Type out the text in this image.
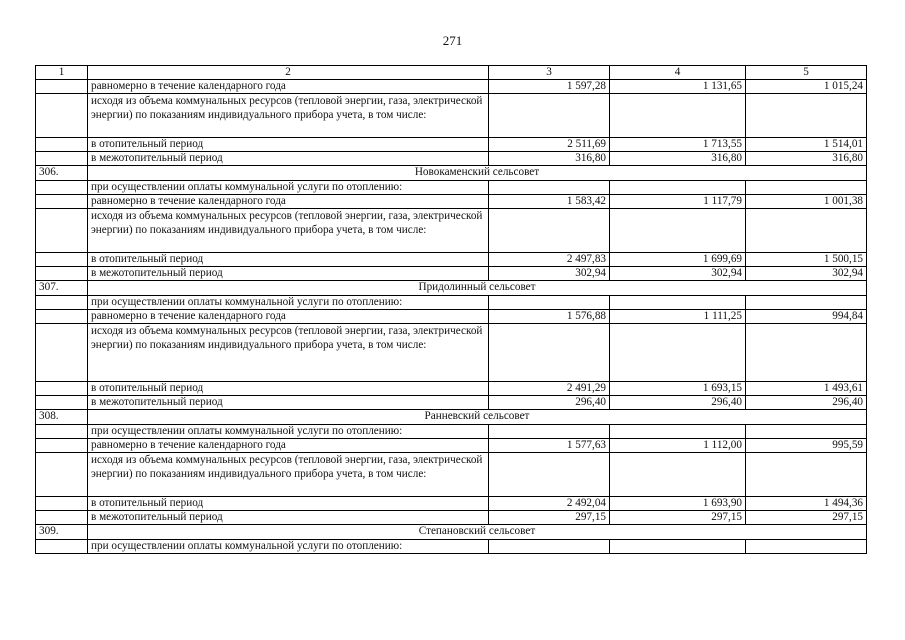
271
1	2	3	4	5
	равномерно в течение календарного года	1 597,28	1 131,65	1 015,24
	исходя из объема коммунальных ресурсов (тепловой энергии, газа, электрической энергии) по показаниям индивидуального прибора учета, в том числе:			
	в отопительный период	2 511,69	1 713,55	1 514,01
	в межотопительный период	316,80	316,80	316,80
306.	Новокаменский сельсовет			
	при осуществлении оплаты коммунальной услуги по отоплению:			
	равномерно в течение календарного года	1 583,42	1 117,79	1 001,38
	исходя из объема коммунальных ресурсов (тепловой энергии, газа, электрической энергии) по показаниям индивидуального прибора учета, в том числе:			
	в отопительный период	2 497,83	1 699,69	1 500,15
	в межотопительный период	302,94	302,94	302,94
307.	Придолинный сельсовет			
	при осуществлении оплаты коммунальной услуги по отоплению:			
	равномерно в течение календарного года	1 576,88	1 111,25	994,84
	исходя из объема коммунальных ресурсов (тепловой энергии, газа, электрической энергии) по показаниям индивидуального прибора учета, в том числе:			
	в отопительный период	2 491,29	1 693,15	1 493,61
	в межотопительный период	296,40	296,40	296,40
308.	Ранневский сельсовет			
	при осуществлении оплаты коммунальной услуги по отоплению:			
	равномерно в течение календарного года	1 577,63	1 112,00	995,59
	исходя из объема коммунальных ресурсов (тепловой энергии, газа, электрической энергии) по показаниям индивидуального прибора учета, в том числе:			
	в отопительный период	2 492,04	1 693,90	1 494,36
	в межотопительный период	297,15	297,15	297,15
309.	Степановский сельсовет			
	при осуществлении оплаты коммунальной услуги по отоплению:			
